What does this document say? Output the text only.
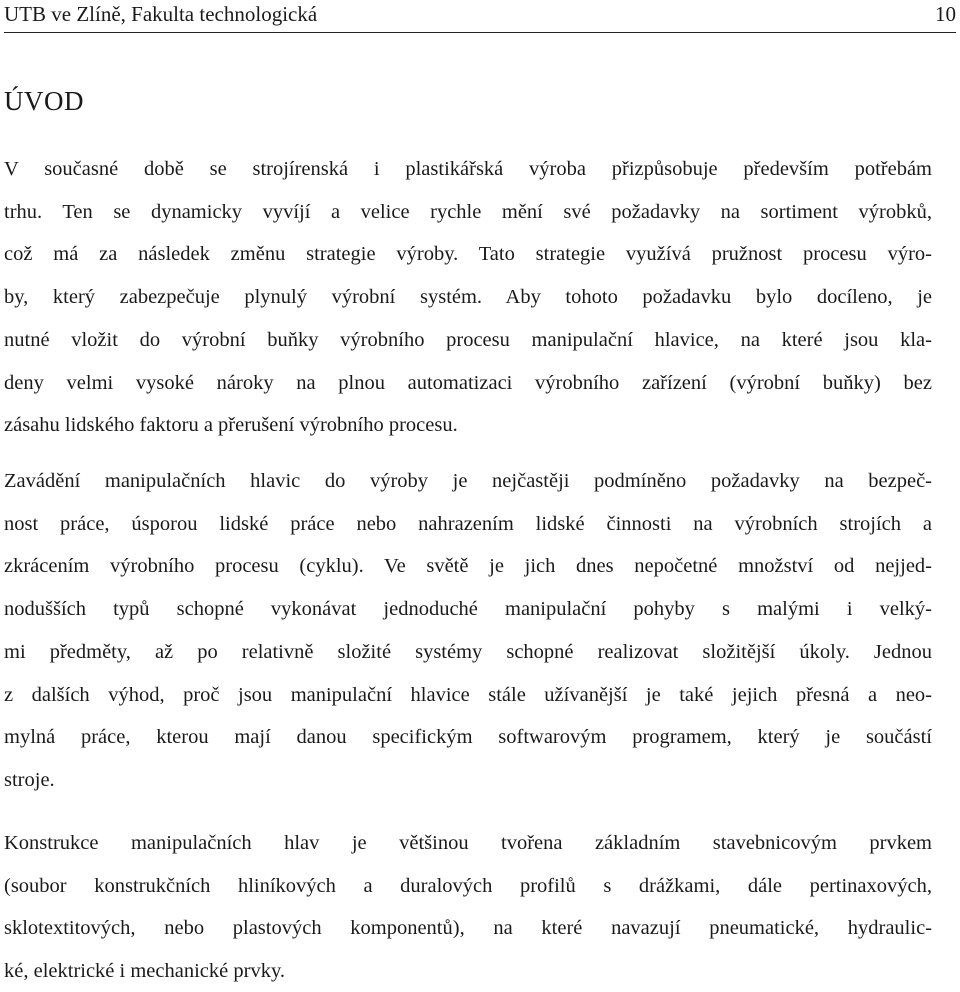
UTB ve Zlíně, Fakulta technologická	10
ÚVOD
V současné době se strojírenská i plastikářská výroba přizpůsobuje především potřebám
trhu. Ten se dynamicky vyvíjí a velice rychle mění své požadavky na sortiment výrobků,
což má za následek změnu strategie výroby. Tato strategie využívá pružnost procesu výro-
by, který zabezpečuje plynulý výrobní systém. Aby tohoto požadavku bylo docíleno, je
nutné vložit do výrobní buňky výrobního procesu manipulační hlavice, na které jsou kla-
deny velmi vysoké nároky na plnou automatizaci výrobního zařízení (výrobní buňky) bez
zásahu lidského faktoru a přerušení výrobního procesu.
Zavádění manipulačních hlavic do výroby je nejčastěji podmíněno požadavky na bezpeč-
nost práce, úsporou lidské práce nebo nahrazením lidské činnosti na výrobních strojích a
zkrácením výrobního procesu (cyklu). Ve světě je jich dnes nepočetné množství od nejjed-
nodušších typů schopné vykonávat jednoduché manipulační pohyby s malými i velký-
mi předměty, až po relativně složité systémy schopné realizovat složitější úkoly. Jednou
z dalších výhod, proč jsou manipulační hlavice stále užívanější je také jejich přesná a neo-
mylná práce, kterou mají danou specifickým softwarovým programem, který je součástí
stroje.
Konstrukce manipulačních hlav je většinou tvořena základním stavebnicovým prvkem
(soubor konstrukčních hliníkových a duralových profilů s drážkami, dále pertinaxových,
sklotextitových, nebo plastových komponentů), na které navazují pneumatické, hydraulic-
ké, elektrické i mechanické prvky.
